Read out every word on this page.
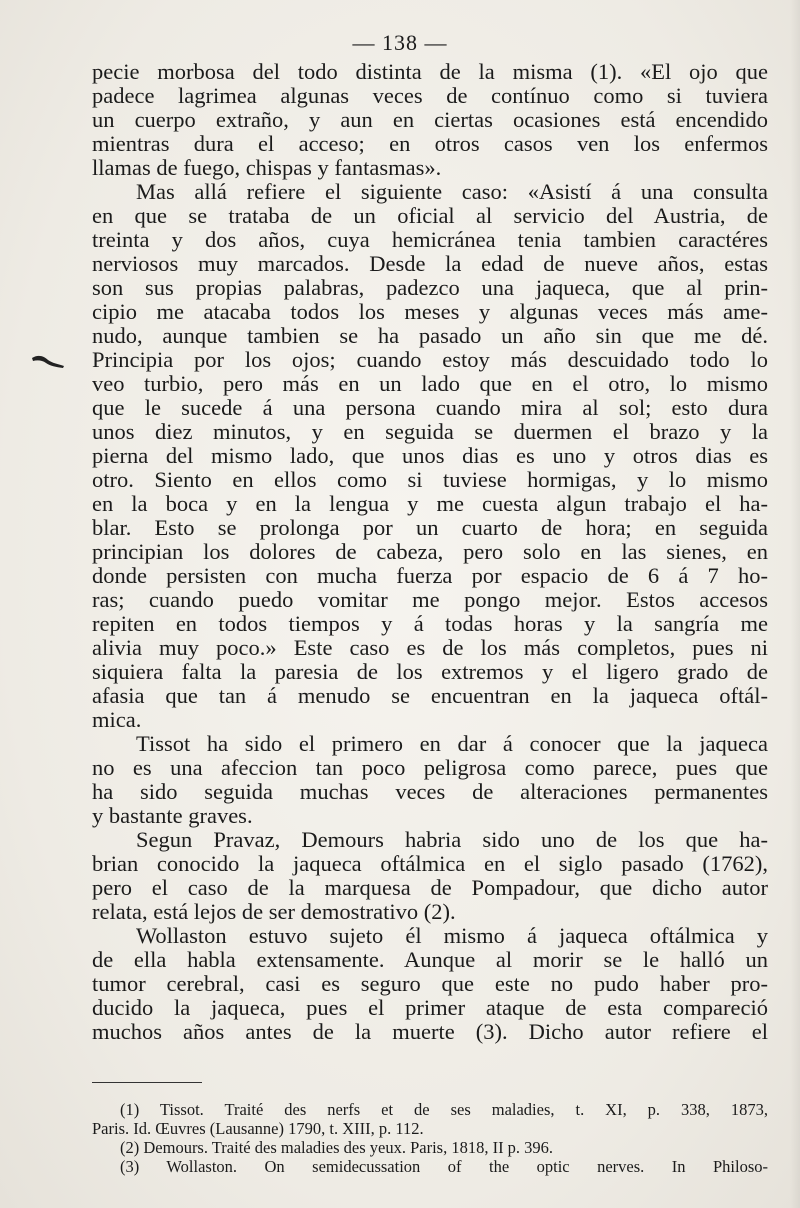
— 138 —
pecie morbosa del todo distinta de la misma (1). «El ojo que
padece lagrimea algunas veces de contínuo como si tuviera
un cuerpo extraño, y aun en ciertas ocasiones está encendido
mientras dura el acceso; en otros casos ven los enfermos
llamas de fuego, chispas y fantasmas».
Mas allá refiere el siguiente caso: «Asistí á una consulta
en que se trataba de un oficial al servicio del Austria, de
treinta y dos años, cuya hemicránea tenia tambien caractéres
nerviosos muy marcados. Desde la edad de nueve años, estas
son sus propias palabras, padezco una jaqueca, que al prin-
cipio me atacaba todos los meses y algunas veces más ame-
nudo, aunque tambien se ha pasado un año sin que me dé.
Principia por los ojos; cuando estoy más descuidado todo lo
veo turbio, pero más en un lado que en el otro, lo mismo
que le sucede á una persona cuando mira al sol; esto dura
unos diez minutos, y en seguida se duermen el brazo y la
pierna del mismo lado, que unos dias es uno y otros dias es
otro. Siento en ellos como si tuviese hormigas, y lo mismo
en la boca y en la lengua y me cuesta algun trabajo el ha-
blar. Esto se prolonga por un cuarto de hora; en seguida
principian los dolores de cabeza, pero solo en las sienes, en
donde persisten con mucha fuerza por espacio de 6 á 7 ho-
ras; cuando puedo vomitar me pongo mejor. Estos accesos
repiten en todos tiempos y á todas horas y la sangría me
alivia muy poco.» Este caso es de los más completos, pues ni
siquiera falta la paresia de los extremos y el ligero grado de
afasia que tan á menudo se encuentran en la jaqueca oftál-
mica.
Tissot ha sido el primero en dar á conocer que la jaqueca
no es una afeccion tan poco peligrosa como parece, pues que
ha sido seguida muchas veces de alteraciones permanentes
y bastante graves.
Segun Pravaz, Demours habria sido uno de los que ha-
brian conocido la jaqueca oftálmica en el siglo pasado (1762),
pero el caso de la marquesa de Pompadour, que dicho autor
relata, está lejos de ser demostrativo (2).
Wollaston estuvo sujeto él mismo á jaqueca oftálmica y
de ella habla extensamente. Aunque al morir se le halló un
tumor cerebral, casi es seguro que este no pudo haber pro-
ducido la jaqueca, pues el primer ataque de esta compareció
muchos años antes de la muerte (3). Dicho autor refiere el
(1) Tissot. Traité des nerfs et de ses maladies, t. XI, p. 338, 1873,
Paris. Id. Œuvres (Lausanne) 1790, t. XIII, p. 112.
(2) Demours. Traité des maladies des yeux. Paris, 1818, II p. 396.
(3) Wollaston. On semidecussation of the optic nerves. In Philoso-
